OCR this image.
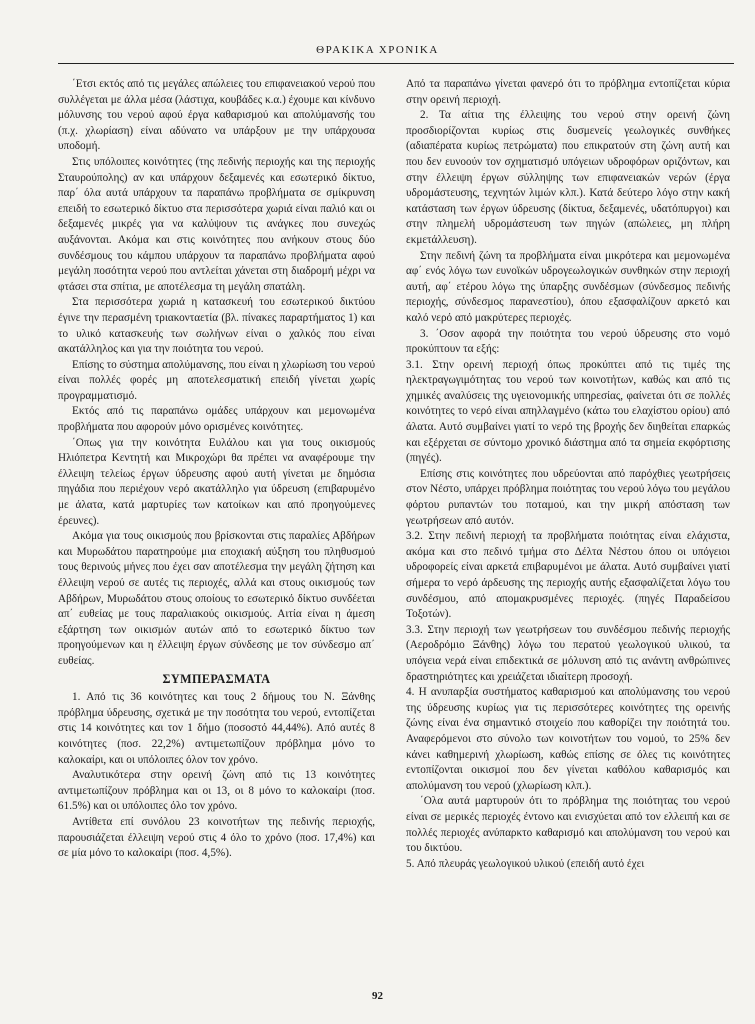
ΘΡΑΚΙΚΑ ΧΡΟΝΙΚΑ

΄Ετσι εκτός από τις μεγάλες απώλειες του επιφανειακού νερού που συλλέγεται με άλλα μέσα (λάστιχα, κουβάδες κ.α.) έχουμε και κίνδυνο μόλυνσης του νερού αφού έργα καθαρισμού και απολύμανσής του (π.χ. χλωρίαση) είναι αδύνατο να υπάρξουν με την υπάρχουσα υποδομή.

Στις υπόλοιπες κοινότητες (της πεδινής περιοχής και της περιοχής Σταυρούπολης) αν και υπάρχουν δεξαμενές και εσωτερικό δίκτυο, παρ΄ όλα αυτά υπάρχουν τα παραπάνω προβλήματα σε σμίκρυνση επειδή το εσωτερικό δίκτυο στα περισσότερα χωριά είναι παλιό και οι δεξαμενές μικρές για να καλύψουν τις ανάγκες που συνεχώς αυξάνονται. Ακόμα και στις κοινότητες που ανήκουν στους δύο συνδέσμους του κάμπου υπάρχουν τα παραπάνω προβλήματα αφού μεγάλη ποσότητα νερού που αντλείται χάνεται στη διαδρομή μέχρι να φτάσει στα σπίτια, με αποτέλεσμα τη μεγάλη σπατάλη.

Στα περισσότερα χωριά η κατασκευή του εσωτερικού δικτύου έγινε την περασμένη τριακονταετία (βλ. πίνακες παραρτήματος 1) και το υλικό κατασκευής των σωλήνων είναι ο χαλκός που είναι ακατάλληλος και για την ποιότητα του νερού.

Επίσης το σύστημα απολύμανσης, που είναι η χλωρίωση του νερού είναι πολλές φορές μη αποτελεσματική επειδή γίνεται χωρίς προγραμματισμό.

Εκτός από τις παραπάνω ομάδες υπάρχουν και μεμονωμένα προβλήματα που αφορούν μόνο ορισμένες κοινότητες.

΄Οπως για την κοινότητα Ευλάλου και για τους οικισμούς Ηλιόπετρα Κεντητή και Μικροχώρι θα πρέπει να αναφέρουμε την έλλειψη τελείως έργων ύδρευσης αφού αυτή γίνεται με δημόσια πηγάδια που περιέχουν νερό ακατάλληλο για ύδρευση (επιβαρυμένο με άλατα, κατά μαρτυρίες των κατοίκων και από προηγούμενες έρευνες).

Ακόμα για τους οικισμούς που βρίσκονται στις παραλίες Αβδήρων και Μυρωδάτου παρατηρούμε μια εποχιακή αύξηση του πληθυσμού τους θερινούς μήνες που έχει σαν αποτέλεσμα την μεγάλη ζήτηση και έλλειψη νερού σε αυτές τις περιοχές, αλλά και στους οικισμούς των Αβδήρων, Μυρωδάτου στους οποίους το εσωτερικό δίκτυο συνδέεται απ΄ ευθείας με τους παραλιακούς οικισμούς. Αιτία είναι η άμεση εξάρτηση των οικισμών αυτών από το εσωτερικό δίκτυο των προηγούμενων και η έλλειψη έργων σύνδεσης με τον σύνδεσμο απ΄ ευθείας.

ΣΥΜΠΕΡΑΣΜΑΤΑ

1. Από τις 36 κοινότητες και τους 2 δήμους του Ν. Ξάνθης πρόβλημα ύδρευσης, σχετικά με την ποσότητα του νερού, εντοπίζεται στις 14 κοινότητες και τον 1 δήμο (ποσοστό 44,44%). Από αυτές 8 κοινότητες (ποσ. 22,2%) αντιμετωπίζουν πρόβλημα μόνο το καλοκαίρι, και οι υπόλοιπες όλον τον χρόνο.

Αναλυτικότερα στην ορεινή ζώνη από τις 13 κοινότητες αντιμετωπίζουν πρόβλημα και οι 13, οι 8 μόνο το καλοκαίρι (ποσ. 61.5%) και οι υπόλοιπες όλο τον χρόνο.

Αντίθετα επί συνόλου 23 κοινοτήτων της πεδινής περιοχής, παρουσιάζεται έλλειψη νερού στις 4 όλο το χρόνο (ποσ. 17,4%) και σε μία μόνο το καλοκαίρι (ποσ. 4,5%).

Από τα παραπάνω γίνεται φανερό ότι το πρόβλημα εντοπίζεται κύρια στην ορεινή περιοχή.

2. Τα αίτια της έλλειψης του νερού στην ορεινή ζώνη προσδιορίζονται κυρίως στις δυσμενείς γεωλογικές συνθήκες (αδιαπέρατα κυρίως πετρώματα) που επικρατούν στη ζώνη αυτή και που δεν ευνοούν τον σχηματισμό υπόγειων υδροφόρων οριζόντων, και στην έλλειψη έργων σύλληψης των επιφανειακών νερών (έργα υδρομάστευσης, τεχνητών λιμών κλπ.). Κατά δεύτερο λόγο στην κακή κατάσταση των έργων ύδρευσης (δίκτυα, δεξαμενές, υδατόπυργοι) και στην πλημελή υδρομάστευση των πηγών (απώλειες, μη πλήρη εκμετάλλευση).

Στην πεδινή ζώνη τα προβλήματα είναι μικρότερα και μεμονωμένα αφ΄ ενός λόγω των ευνοϊκών υδρογεωλογικών συνθηκών στην περιοχή αυτή, αφ΄ ετέρου λόγω της ύπαρξης συνδέσμων (σύνδεσμος πεδινής περιοχής, σύνδεσμος παρανεστίου), όπου εξασφαλίζουν αρκετό και καλό νερό από μακρύτερες περιοχές.

3. ΄Οσον αφορά την ποιότητα του νερού ύδρευσης στο νομό προκύπτουν τα εξής:

3.1. Στην ορεινή περιοχή όπως προκύπτει από τις τιμές της ηλεκτραγωγιμότητας του νερού των κοινοτήτων, καθώς και από τις χημικές αναλύσεις της υγειονομικής υπηρεσίας, φαίνεται ότι σε πολλές κοινότητες το νερό είναι απηλλαγμένο (κάτω του ελαχίστου ορίου) από άλατα. Αυτό συμβαίνει γιατί το νερό της βροχής δεν διηθείται επαρκώς και εξέρχεται σε σύντομο χρονικό διάστημα από τα σημεία εκφόρτισης (πηγές).

Επίσης στις κοινότητες που υδρεύονται από παρόχθιες γεωτρήσεις στον Νέστο, υπάρχει πρόβλημα ποιότητας του νερού λόγω του μεγάλου φόρτου ρυπαντών του ποταμού, και την μικρή απόσταση των γεωτρήσεων από αυτόν.

3.2. Στην πεδινή περιοχή τα προβλήματα ποιότητας είναι ελάχιστα, ακόμα και στο πεδινό τμήμα στο Δέλτα Νέστου όπου οι υπόγειοι υδροφορείς είναι αρκετά επιβαρυμένοι με άλατα. Αυτό συμβαίνει γιατί σήμερα το νερό άρδευσης της περιοχής αυτής εξασφαλίζεται λόγω του συνδέσμου, από απομακρυσμένες περιοχές. (πηγές Παραδείσου Τοξοτών).

3.3. Στην περιοχή των γεωτρήσεων του συνδέσμου πεδινής περιοχής (Αεροδρόμιο Ξάνθης) λόγω του περατού γεωλογικού υλικού, τα υπόγεια νερά είναι επιδεκτικά σε μόλυνση από τις ανάντη ανθρώπινες δραστηριότητες και χρειάζεται ιδιαίτερη προσοχή.

4. Η ανυπαρξία συστήματος καθαρισμού και απολύμανσης του νερού της ύδρευσης κυρίως για τις περισσότερες κοινότητες της ορεινής ζώνης είναι ένα σημαντικό στοιχείο που καθορίζει την ποιότητά του. Αναφερόμενοι στο σύνολο των κοινοτήτων του νομού, το 25% δεν κάνει καθημερινή χλωρίωση, καθώς επίσης σε όλες τις κοινότητες εντοπίζονται οικισμοί που δεν γίνεται καθόλου καθαρισμός και απολύμανση του νερού (χλωρίωση κλπ.).

΄Ολα αυτά μαρτυρούν ότι το πρόβλημα της ποιότητας του νερού είναι σε μερικές περιοχές έντονο και ενισχύεται από τον ελλειπή και σε πολλές περιοχές ανύπαρκτο καθαρισμό και απολύμανση του νερού και του δικτύου.

5. Από πλευράς γεωλογικού υλικού (επειδή αυτό έχει

92
